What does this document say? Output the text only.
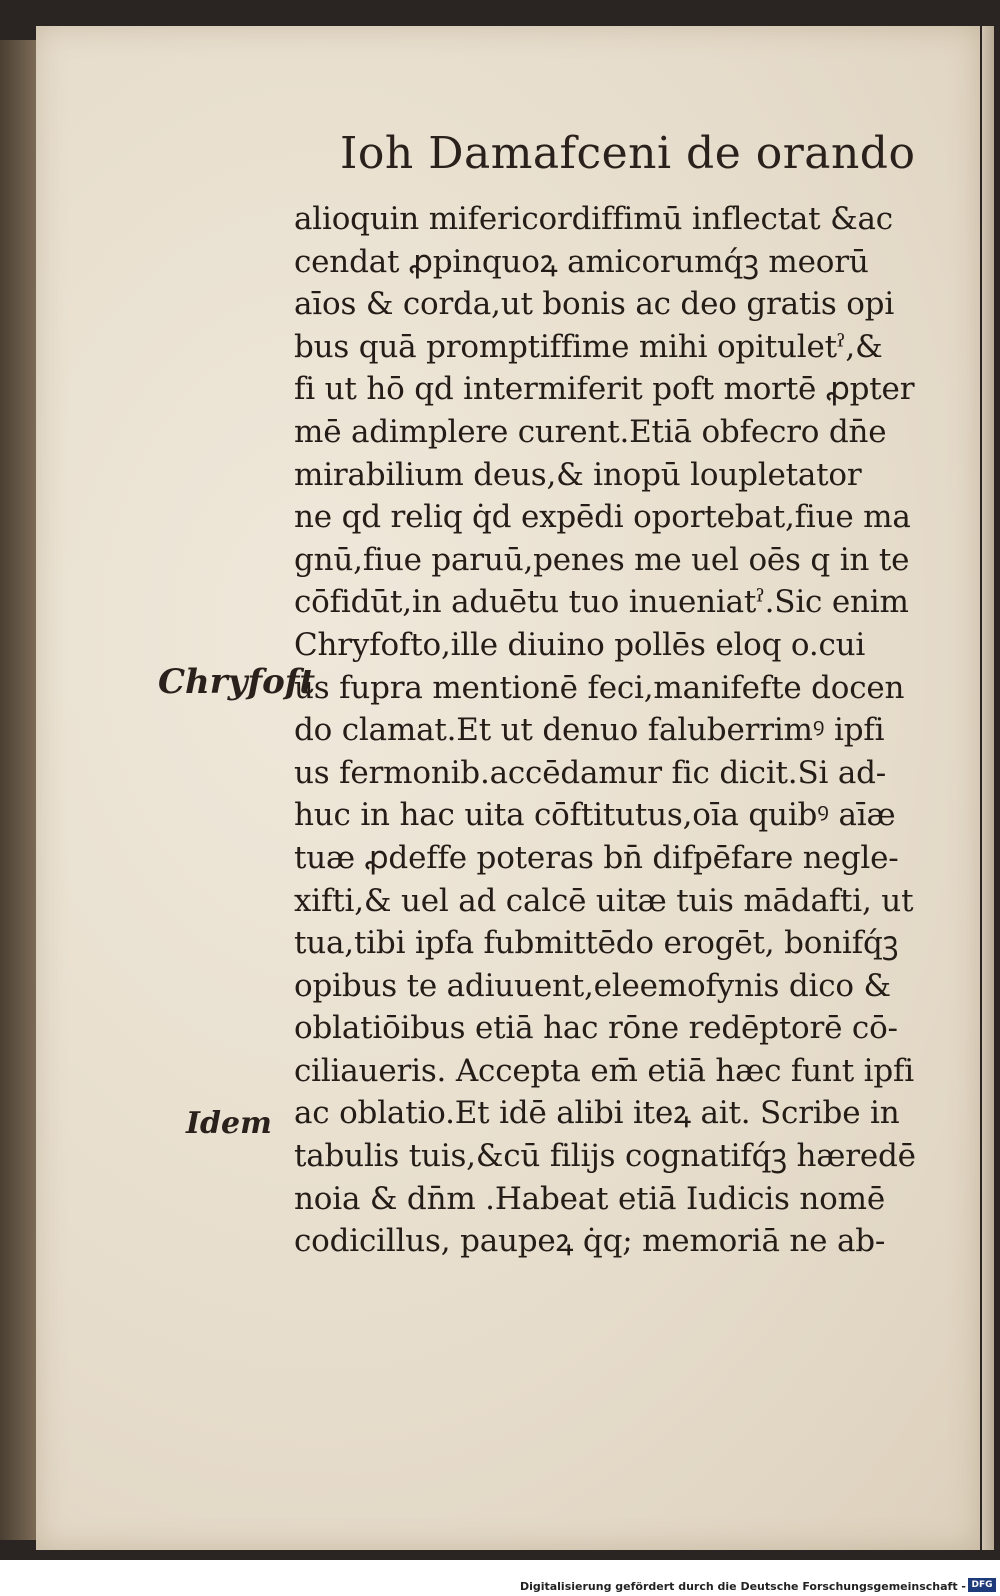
Ioh Damafceni de orando
alioquin mifericordiffimū inflectat &ac
cendat ꝓpinquoꝝ amicorumq́ꝫ meorū
aīos & corda,ut bonis ac deo gratis opi
bus quā promptiffime mihi opituletˀ,&
fi ut hō qd intermiferit poft mortē ꝓpter
mē adimplere curent.Etiā obfecro dn̄e
mirabilium deus,& inopū loupletator
ne qd reliq q̇d expēdi oportebat,fiue ma
gnū,fiue paruū,penes me uel oēs q in te
cōfidūt,in aduētu tuo inueniatˀ.Sic enim
Chryfofto,ille diuino pollēs eloq o.cui
us fupra mentionē feci,manifefte docen
do clamat.Et ut denuo faluberrimꝰ ipfi
us fermonib.accēdamur fic dicit.Si ad-
huc in hac uita cōftitutus,oīa quibꝰ aīæ
tuæ ꝓdeffe poteras bn̄ difpēfare negle-
xifti,& uel ad calcē uitæ tuis mādafti, ut
tua,tibi ipfa fubmittēdo erogēt, bonifq́ꝫ
opibus te adiuuent,eleemofynis dico &
oblatiōibus etiā hac rōne redēptorē cō-
ciliaueris. Accepta em̄ etiā hæc funt ipfi
ac oblatio.Et idē alibi iteꝝ ait. Scribe in
tabulis tuis,&cū filijs cognatifq́ꝫ hæredē
noia & dn̄m .Habeat etiā Iudicis nomē
codicillus, paupeꝝ q̇q; memoriā ne ab-
Chryfoft
Idem
Digitalisierung gefördert durch die Deutsche Forschungsgemeinschaft - DFG
